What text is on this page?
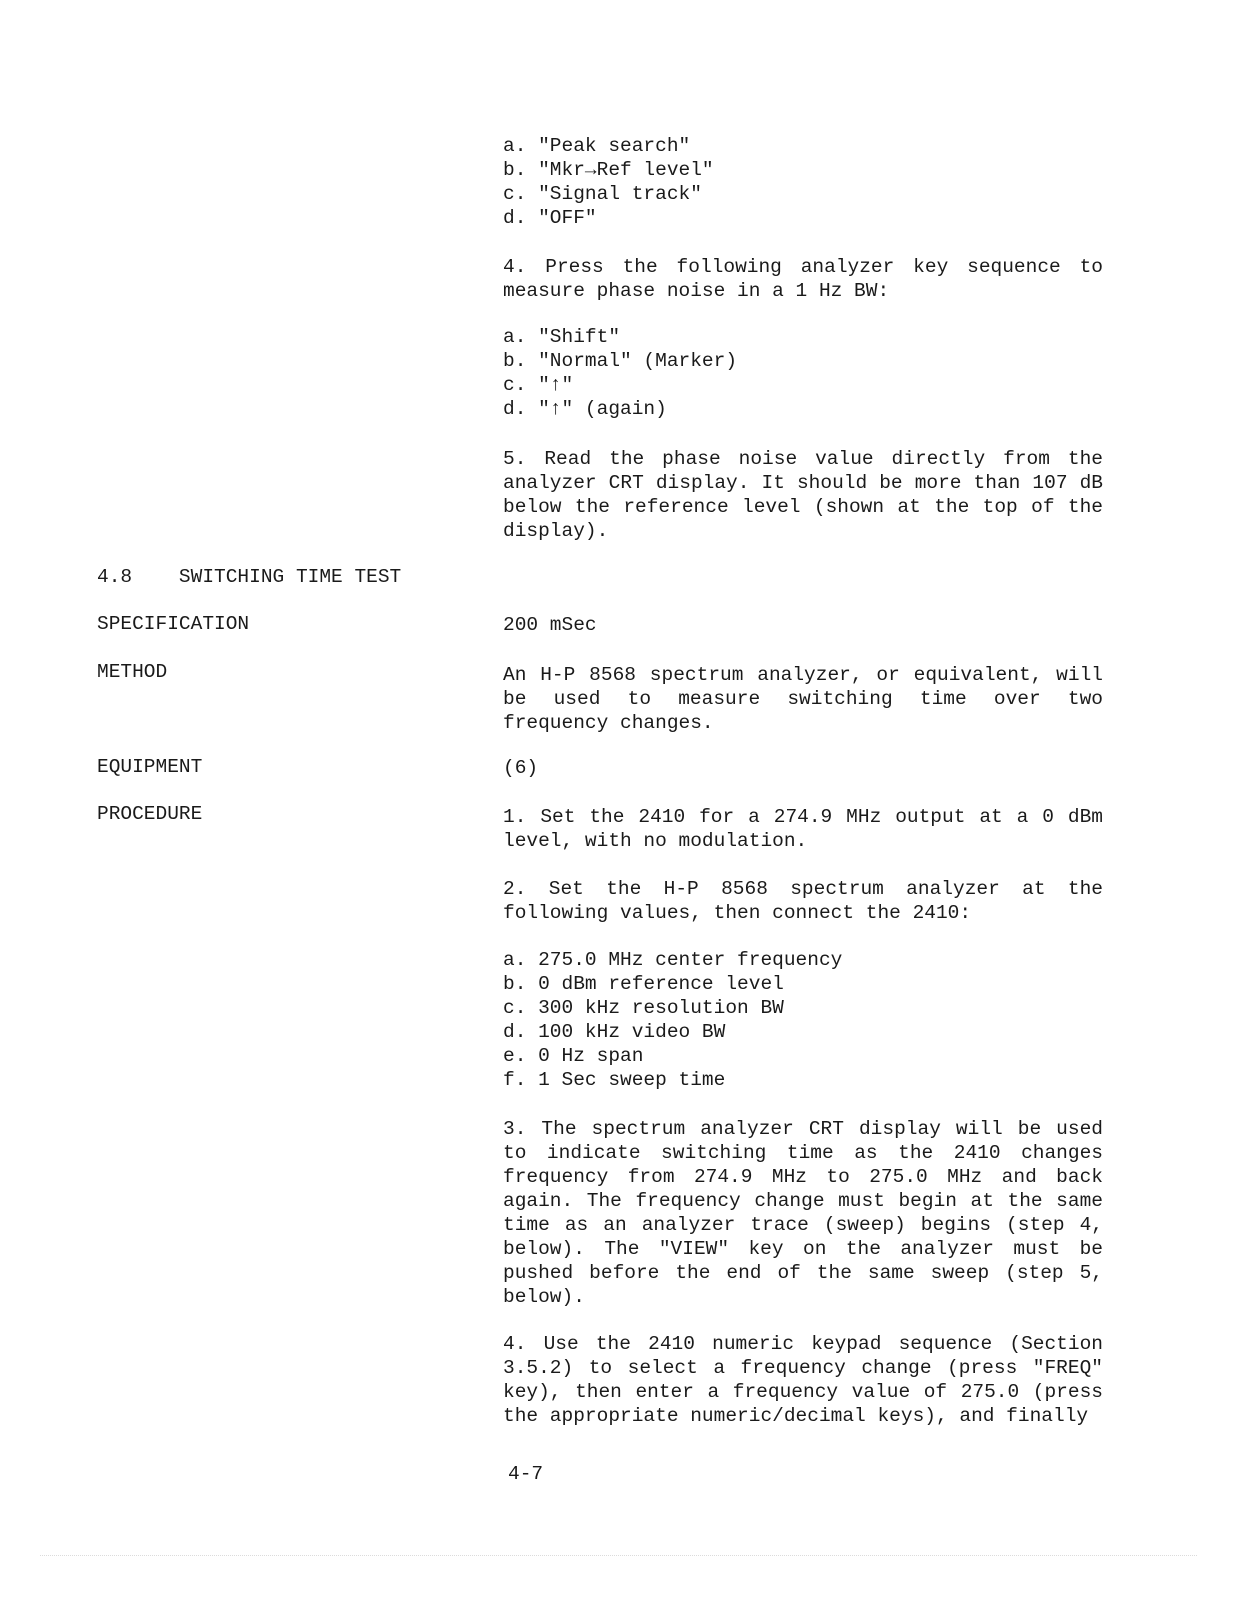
a. "Peak search"
b. "Mkr→Ref level"
c. "Signal track"
d. "OFF"
4. Press the following analyzer key sequence to measure phase noise in a 1 Hz BW:
a. "Shift"
b. "Normal" (Marker)
c. "↑"
d. "↑" (again)
5. Read the phase noise value directly from the analyzer CRT display. It should be more than 107 dB below the reference level (shown at the top of the display).
4.8 SWITCHING TIME TEST
SPECIFICATION	200 mSec
METHOD	An H-P 8568 spectrum analyzer, or equivalent, will be used to measure switching time over two frequency changes.
EQUIPMENT	(6)
PROCEDURE	1. Set the 2410 for a 274.9 MHz output at a 0 dBm level, with no modulation.
2. Set the H-P 8568 spectrum analyzer at the following values, then connect the 2410:
a. 275.0 MHz center frequency
b. 0 dBm reference level
c. 300 kHz resolution BW
d. 100 kHz video BW
e. 0 Hz span
f. 1 Sec sweep time
3. The spectrum analyzer CRT display will be used to indicate switching time as the 2410 changes frequency from 274.9 MHz to 275.0 MHz and back again. The frequency change must begin at the same time as an analyzer trace (sweep) begins (step 4, below). The "VIEW" key on the analyzer must be pushed before the end of the same sweep (step 5, below).
4. Use the 2410 numeric keypad sequence (Section 3.5.2) to select a frequency change (press "FREQ" key), then enter a frequency value of 275.0 (press the appropriate numeric/decimal keys), and finally
4-7
